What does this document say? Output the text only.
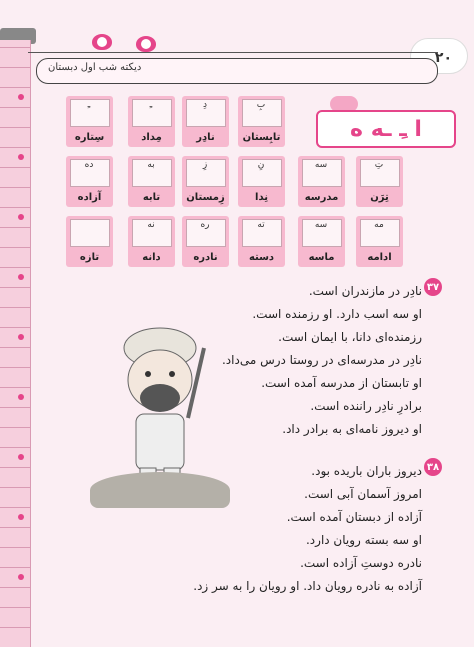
دیکته شب اول دبستان
۲۰
ا ـِ ـه ه
ـِ
سِتاره
ـِ
مِداد
دِ
نادِر
بِ
تابِستان
ده
آزاده
به
تابه
زِ
زِمستان
نِ
نِدا
سه
مدرسه
تِ
تِرَن
تازه
نه
دانه
ره
نادره
ته
دسته
سه
ماسه
مه
ادامه
۳۷
نادِر در مازندران است.
او سه اسب دارد. او رزمنده است.
رزمنده‌ای دانا، با ایمان است.
نادِر در مدرسه‌ای در روستا درس می‌داد.
او تابستان از مدرسه آمده است.
برادرِ نادِر راننده است.
او دیروز نامه‌ای به برادر داد.
۳۸
دیروز باران باریده بود.
امروز آسمان آبی است.
آزاده از دبستان آمده است.
او سه بسته رویان دارد.
نادره دوستِ آزاده است.
آزاده به نادره رویان داد. او رویان را به سر زد.
